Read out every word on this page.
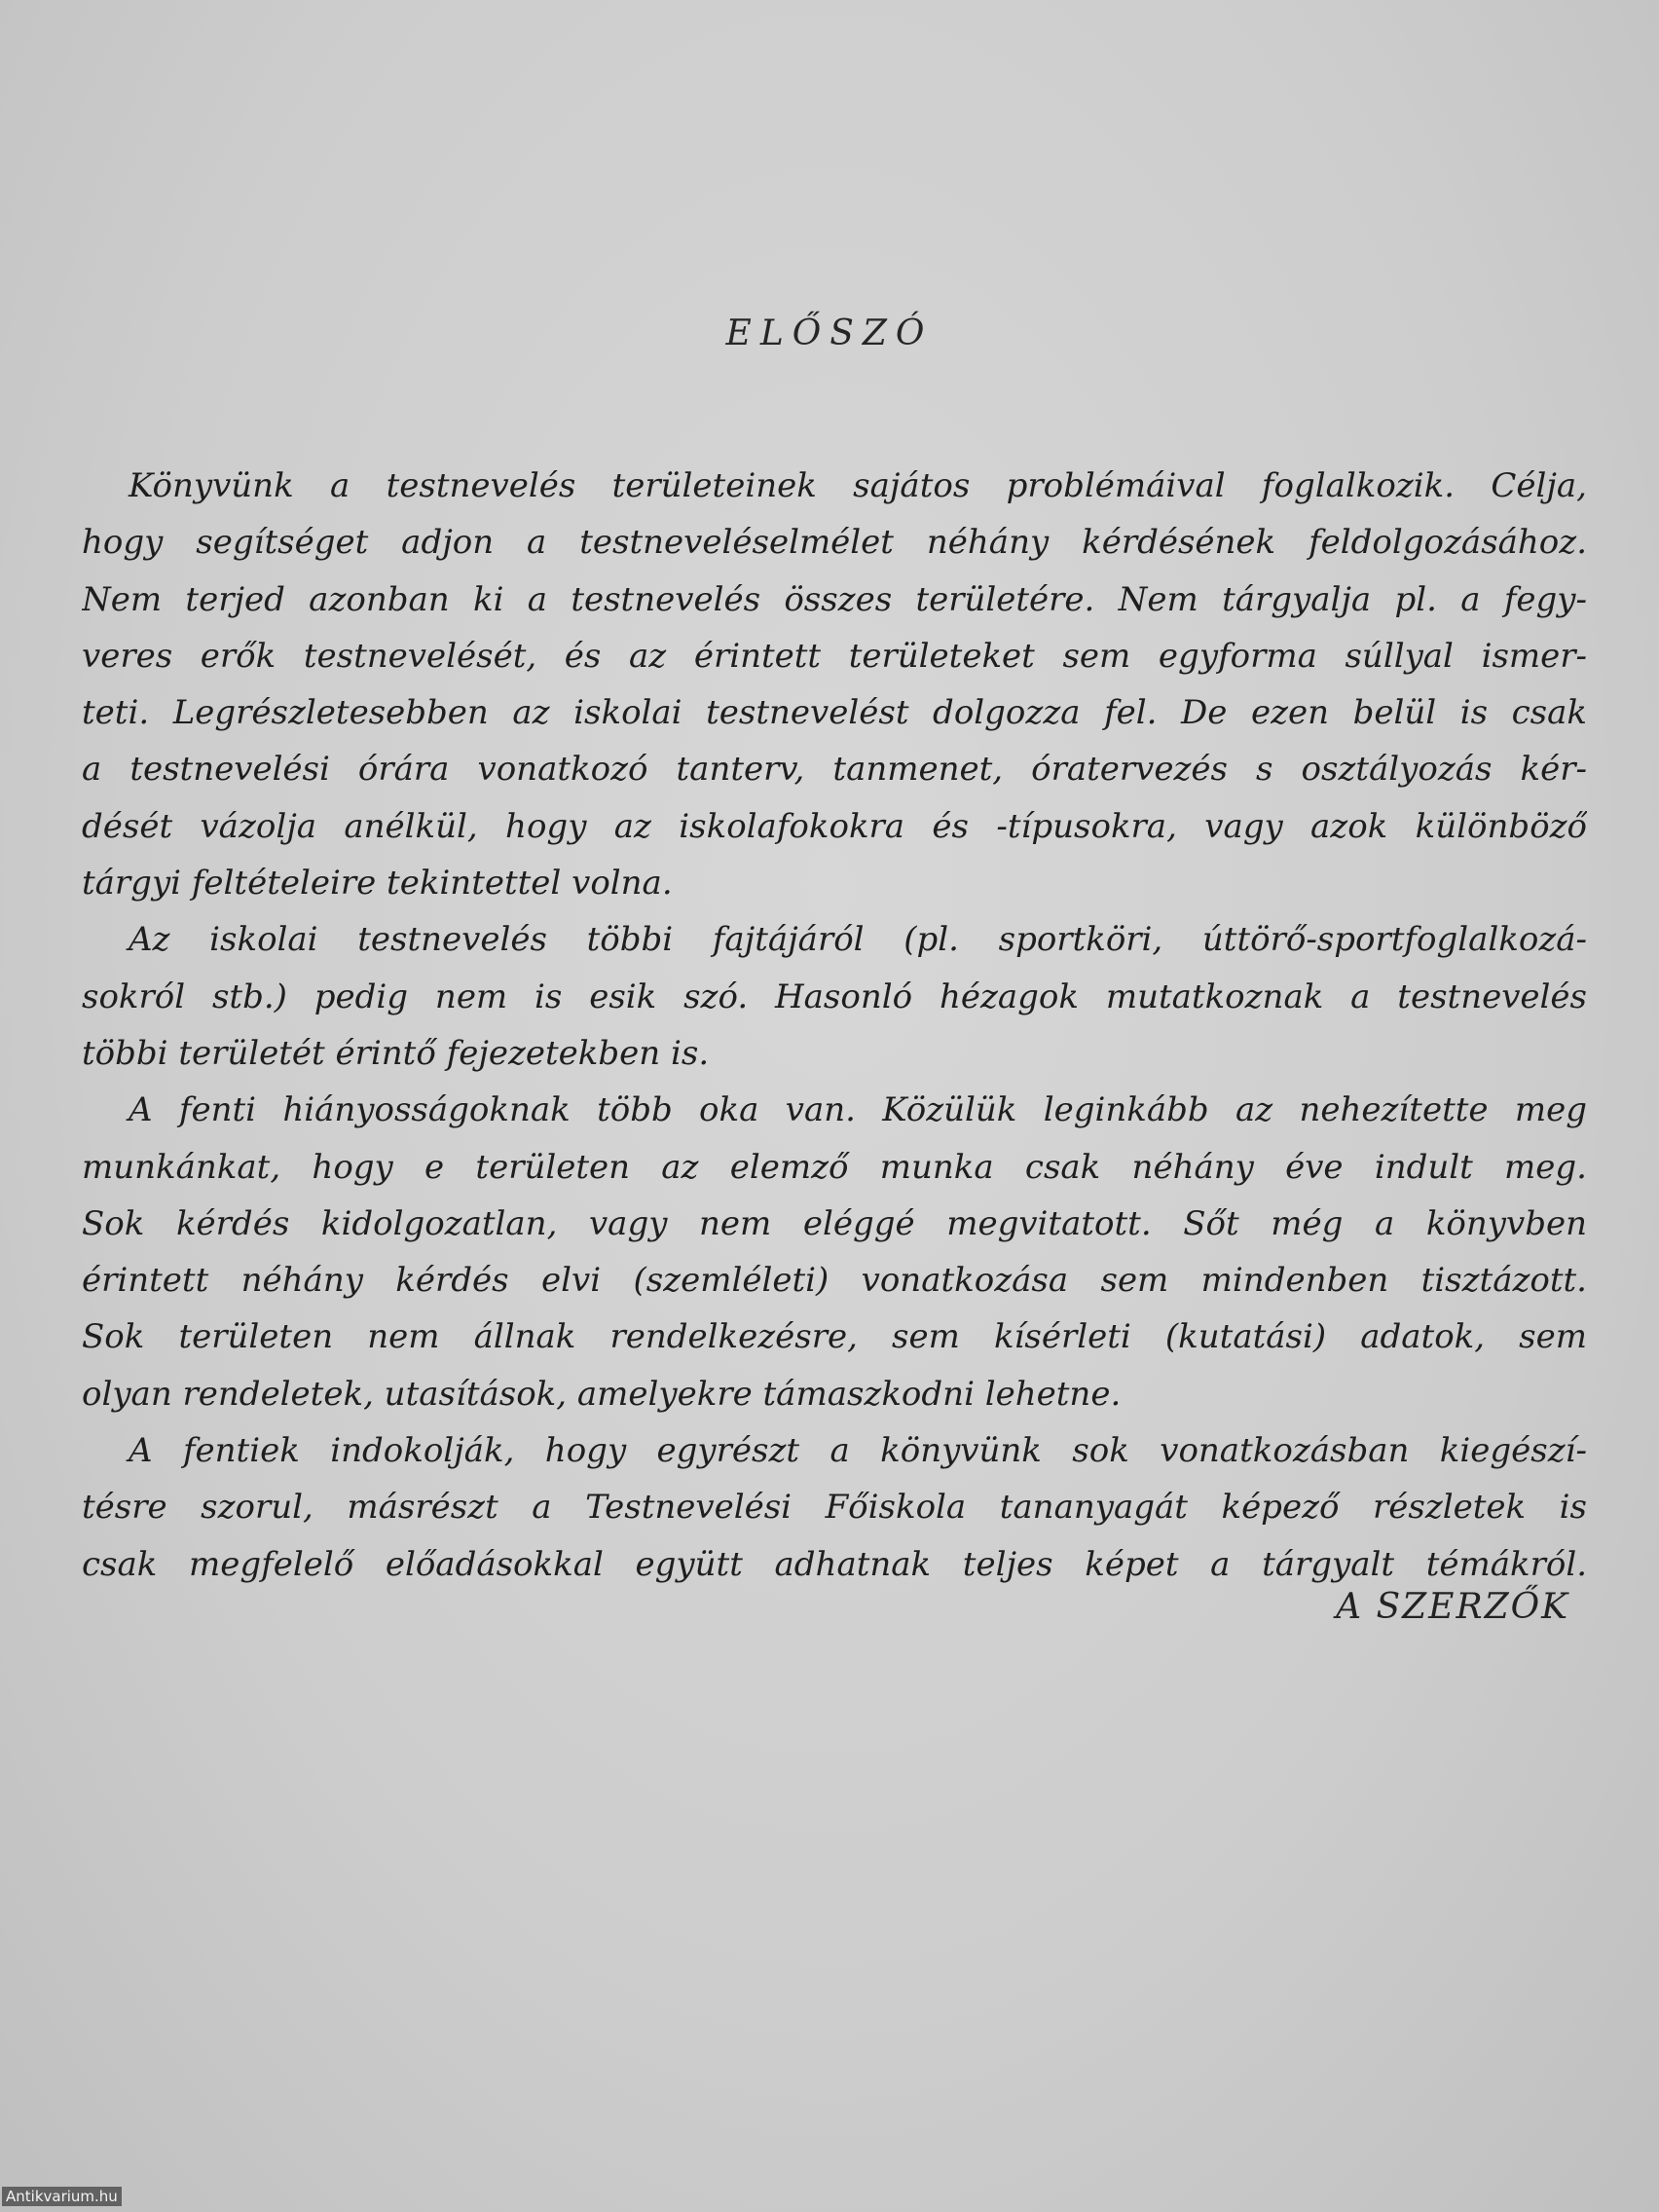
ELŐSZÓ
Könyvünk a testnevelés területeinek sajátos problémáival foglalkozik. Célja,
hogy segítséget adjon a testneveléselmélet néhány kérdésének feldolgozásához.
Nem terjed azonban ki a testnevelés összes területére. Nem tárgyalja pl. a fegy-
veres erők testnevelését, és az érintett területeket sem egyforma súllyal ismer-
teti. Legrészletesebben az iskolai testnevelést dolgozza fel. De ezen belül is csak
a testnevelési órára vonatkozó tanterv, tanmenet, óratervezés s osztályozás kér-
dését vázolja anélkül, hogy az iskolafokokra és -típusokra, vagy azok különböző
tárgyi feltételeire tekintettel volna.
Az iskolai testnevelés többi fajtájáról (pl. sportköri, úttörő-sportfoglalkozá-
sokról stb.) pedig nem is esik szó. Hasonló hézagok mutatkoznak a testnevelés
többi területét érintő fejezetekben is.
A fenti hiányosságoknak több oka van. Közülük leginkább az nehezítette meg
munkánkat, hogy e területen az elemző munka csak néhány éve indult meg.
Sok kérdés kidolgozatlan, vagy nem eléggé megvitatott. Sőt még a könyvben
érintett néhány kérdés elvi (szemléleti) vonatkozása sem mindenben tisztázott.
Sok területen nem állnak rendelkezésre, sem kísérleti (kutatási) adatok, sem
olyan rendeletek, utasítások, amelyekre támaszkodni lehetne.
A fentiek indokolják, hogy egyrészt a könyvünk sok vonatkozásban kiegészí-
tésre szorul, másrészt a Testnevelési Főiskola tananyagát képező részletek is
csak megfelelő előadásokkal együtt adhatnak teljes képet a tárgyalt témákról.
A SZERZŐK
Antikvarium.hu
